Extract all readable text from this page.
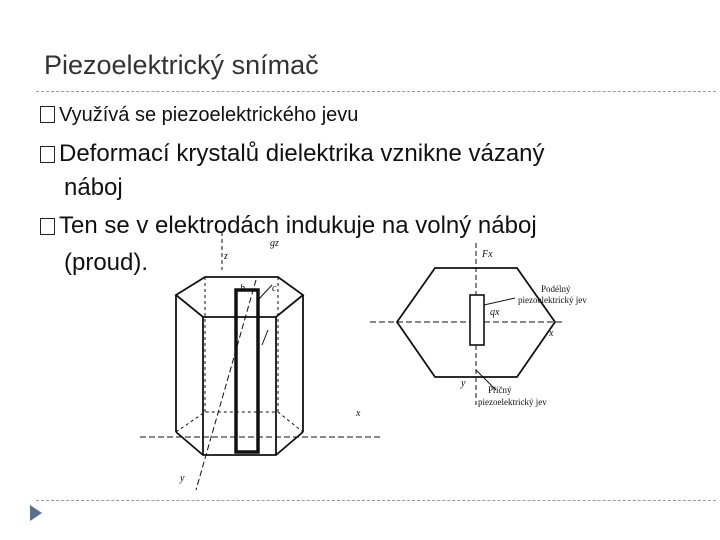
Piezoelektrický snímač
z
gz
b	c
x
y
Fx
qx
x
y
Podélný
piezoelektrický jev
Příčný
piezoelektrický jev
Využívá se piezoelektrického jevu
Deformací krystalů dielektrika vznikne vázaný
náboj
Ten se v elektrodách indukuje na volný náboj
(proud).
